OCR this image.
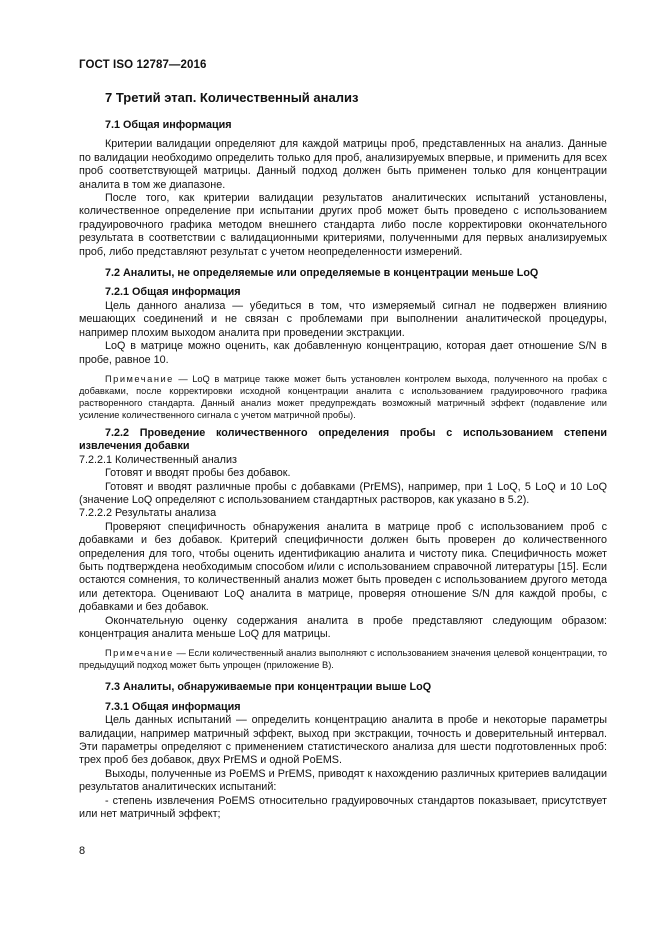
ГОСТ ISO 12787—2016
7 Третий этап. Количественный анализ
7.1 Общая информация

Критерии валидации определяют для каждой матрицы проб, представленных на анализ. Данные по валидации необходимо определить только для проб, анализируемых впервые, и применить для всех проб соответствующей матрицы. Данный подход должен быть применен только для концентрации аналита в том же диапазоне.

После того, как критерии валидации результатов аналитических испытаний установлены, количественное определение при испытании других проб может быть проведено с использованием градуировочного графика методом внешнего стандарта либо после корректировки окончательного результата в соответствии с валидационными критериями, полученными для первых анализируемых проб, либо представляют результат с учетом неопределенности измерений.

7.2 Аналиты, не определяемые или определяемые в концентрации меньше LoQ
7.2.1 Общая информация

Цель данного анализа — убедиться в том, что измеряемый сигнал не подвержен влиянию мешающих соединений и не связан с проблемами при выполнении аналитической процедуры, например плохим выходом аналита при проведении экстракции.

LoQ в матрице можно оценить, как добавленную концентрацию, которая дает отношение S/N в пробе, равное 10.

Примечание — LoQ в матрице также может быть установлен контролем выхода, полученного на пробах с добавками, после корректировки исходной концентрации аналита с использованием градуировочного графика растворенного стандарта. Данный анализ может предупреждать возможный матричный эффект (подавление или усиление количественного сигнала с учетом матричной пробы).

7.2.2 Проведение количественного определения пробы с использованием степени извлечения добавки

7.2.2.1 Количественный анализ

Готовят и вводят пробы без добавок.

Готовят и вводят различные пробы с добавками (PrEMS), например, при 1 LoQ, 5 LoQ и 10 LoQ (значение LoQ определяют с использованием стандартных растворов, как указано в 5.2).

7.2.2.2 Результаты анализа

Проверяют специфичность обнаружения аналита в матрице проб с использованием проб с добавками и без добавок. Критерий специфичности должен быть проверен до количественного определения для того, чтобы оценить идентификацию аналита и чистоту пика. Специфичность может быть подтверждена необходимым способом и/или с использованием справочной литературы [15]. Если остаются сомнения, то количественный анализ может быть проведен с использованием другого метода или детектора. Оценивают LoQ аналита в матрице, проверяя отношение S/N для каждой пробы, с добавками и без добавок.

Окончательную оценку содержания аналита в пробе представляют следующим образом: концентрация аналита меньше LoQ для матрицы.

Примечание — Если количественный анализ выполняют с использованием значения целевой концентрации, то предыдущий подход может быть упрощен (приложение В).

7.3 Аналиты, обнаруживаемые при концентрации выше LoQ
7.3.1 Общая информация

Цель данных испытаний — определить концентрацию аналита в пробе и некоторые параметры валидации, например матричный эффект, выход при экстракции, точность и доверительный интервал. Эти параметры определяют с применением статистического анализа для шести подготовленных проб: трех проб без добавок, двух PrEMS и одной PoEMS.

Выходы, полученные из PoEMS и PrEMS, приводят к нахождению различных критериев валидации результатов аналитических испытаний:

- степень извлечения PoEMS относительно градуировочных стандартов показывает, присутствует или нет матричный эффект;

8
